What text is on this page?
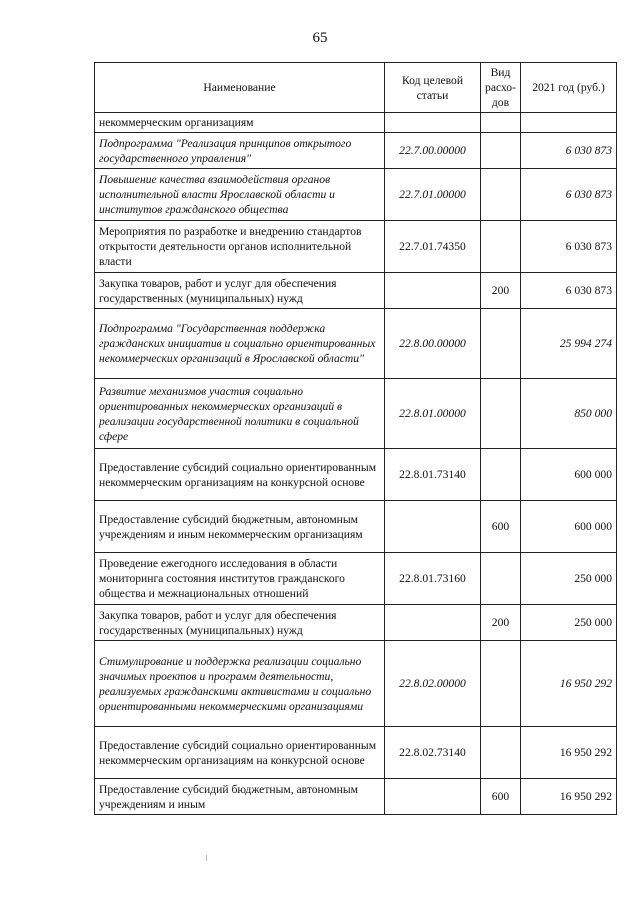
65
Наименование	Код целевой статьи	Вид расхо-дов	2021 год (руб.)
некоммерческим организациям			
Подпрограмма "Реализация принципов открытого государственного управления"	22.7.00.00000		6 030 873
Повышение качества взаимодействия органов исполнительной власти Ярославской области и институтов гражданского общества	22.7.01.00000		6 030 873
Мероприятия по разработке и внедрению стандартов открытости деятельности органов исполнительной власти	22.7.01.74350		6 030 873
Закупка товаров, работ и услуг для обеспечения государственных (муниципальных) нужд		200	6 030 873
Подпрограмма "Государственная поддержка гражданских инициатив и социально ориентированных некоммерческих организаций в Ярославской области"	22.8.00.00000		25 994 274
Развитие механизмов участия социально ориентированных некоммерческих организаций в реализации государственной политики в социальной сфере	22.8.01.00000		850 000
Предоставление субсидий социально ориентированным некоммерческим организациям на конкурсной основе	22.8.01.73140		600 000
Предоставление субсидий бюджетным, автономным учреждениям и иным некоммерческим организациям		600	600 000
Проведение ежегодного исследования в области мониторинга состояния институтов гражданского общества и межнациональных отношений	22.8.01.73160		250 000
Закупка товаров, работ и услуг для обеспечения государственных (муниципальных) нужд		200	250 000
Стимулирование и поддержка реализации социально значимых проектов и программ деятельности, реализуемых гражданскими активистами и социально ориентированными некоммерческими организациями	22.8.02.00000		16 950 292
Предоставление субсидий социально ориентированным некоммерческим организациям на конкурсной основе	22.8.02.73140		16 950 292
Предоставление субсидий бюджетным, автономным учреждениям и иным		600	16 950 292
